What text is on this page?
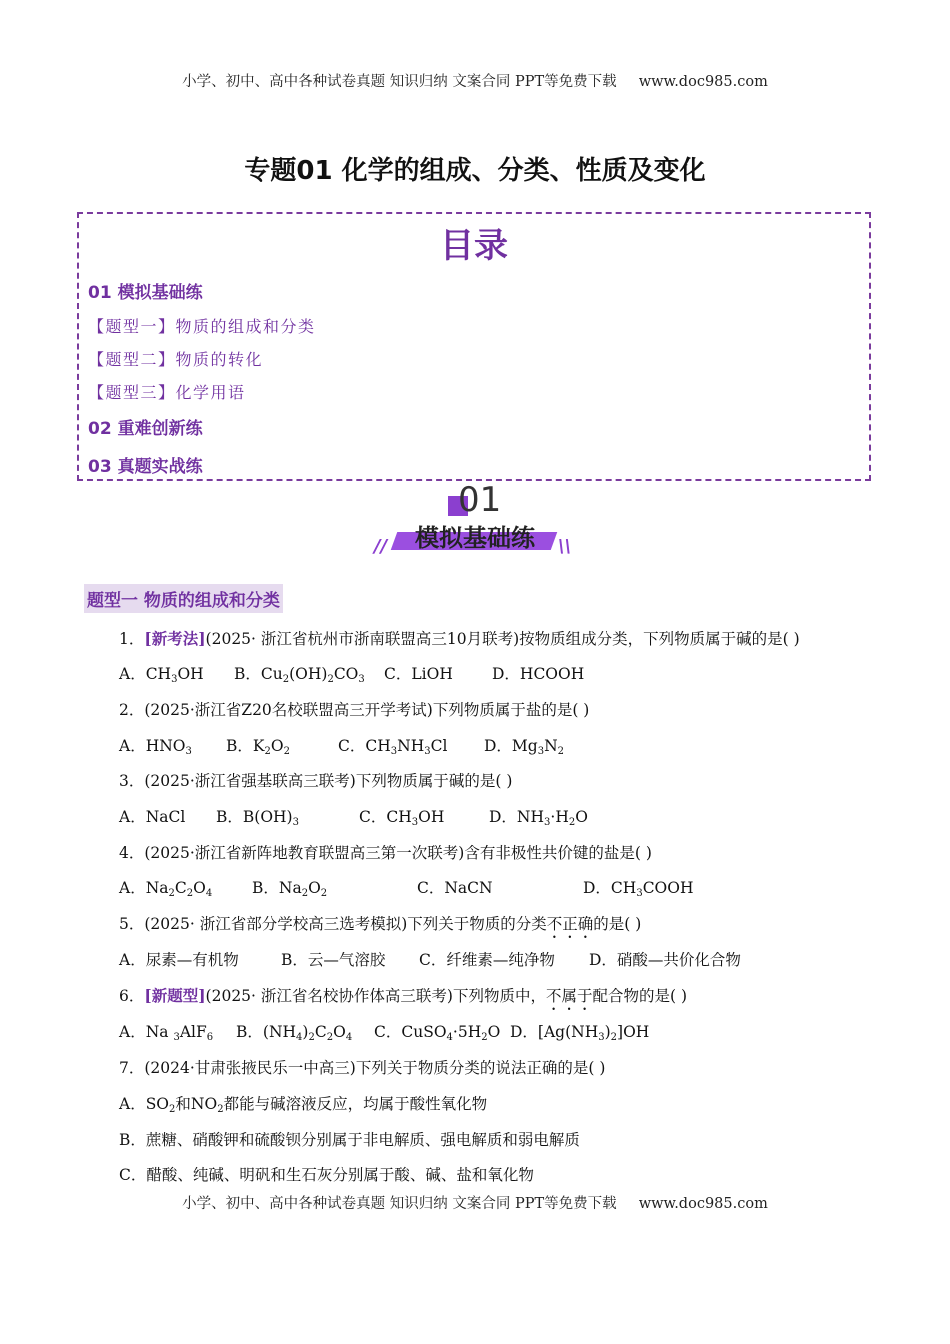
小学、初中、高中各种试卷真题 知识归纳 文案合同 PPT等免费下载 www.doc985.com
专题01 化学的组成、分类、性质及变化
目录
01 模拟基础练
【题型一】物质的组成和分类
【题型二】物质的转化
【题型三】化学用语
02 重难创新练
03 真题实战练
01
模拟基础练
//	\\
题型一 物质的组成和分类
1．[新考法](2025· 浙江省杭州市浙南联盟高三10月联考)按物质组成分类，下列物质属于碱的是( )
A．$CH_3OH$ B．$Cu_2(OH)_2CO_3$ C．LiOH	D．HCOOH
2．(2025·浙江省Z20名校联盟高三开学考试)下列物质属于盐的是( )
A．$HNO_3$ B．$K_2O_2$	C．$CH_3NH_3Cl$ D．$Mg_3N_2$
3．(2025·浙江省强基联高三联考)下列物质属于碱的是( )
A．NaCl B．$B(OH)_3$	C．$CH_3OH$	D．$NH_3\cdot H_2O$
4．(2025·浙江省新阵地教育联盟高三第一次联考)含有非极性共价键的盐是( )
A．$Na_2C_2O_4$	B．$Na_2O_2$	C．NaCN	D．$CH_3COOH$
5．(2025· 浙江省部分学校高三选考模拟)下列关于物质的分类不正确的是( )
A．尿素—有机物	B．云—气溶胶 C．纤维素—纯净物 D．硝酸—共价化合物
6．[新题型](2025· 浙江省名校协作体高三联考)下列物质中，不属于配合物的是( )
A．Na $_3$AlF$_6$ B．$(NH_4)_2C_2O_4$ C．$CuSO_4\cdot 5H_2O$ D．$[Ag(NH_3)_2]OH$
7．(2024·甘肃张掖民乐一中高三)下列关于物质分类的说法正确的是( )
A．$SO_2$和$NO_2$都能与碱溶液反应，均属于酸性氧化物
B．蔗糖、硝酸钾和硫酸钡分别属于非电解质、强电解质和弱电解质
C．醋酸、纯碱、明矾和生石灰分别属于酸、碱、盐和氧化物
小学、初中、高中各种试卷真题 知识归纳 文案合同 PPT等免费下载 www.doc985.com
